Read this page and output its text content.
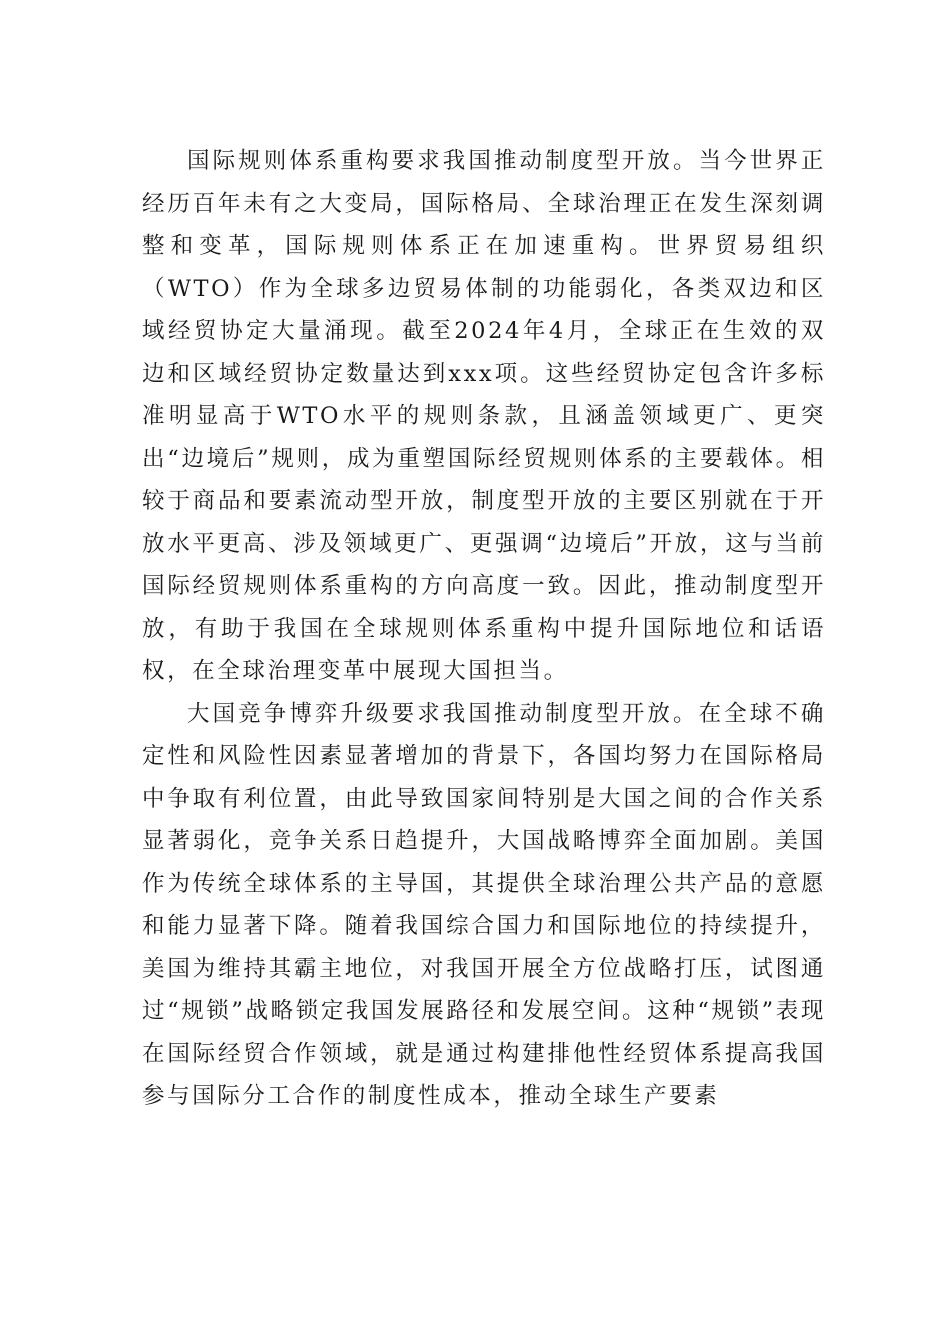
国际规则体系重构要求我国推动制度型开放。当今世界正经历百年未有之大变局，国际格局、全球治理正在发生深刻调整和变革，国际规则体系正在加速重构。世界贸易组织（WTO）作为全球多边贸易体制的功能弱化，各类双边和区域经贸协定大量涌现。截至2024年4月，全球正在生效的双边和区域经贸协定数量达到xxx项。这些经贸协定包含许多标准明显高于WTO水平的规则条款，且涵盖领域更广、更突出“边境后”规则，成为重塑国际经贸规则体系的主要载体。相较于商品和要素流动型开放，制度型开放的主要区别就在于开放水平更高、涉及领域更广、更强调“边境后”开放，这与当前国际经贸规则体系重构的方向高度一致。因此，推动制度型开放，有助于我国在全球规则体系重构中提升国际地位和话语权，在全球治理变革中展现大国担当。

大国竞争博弈升级要求我国推动制度型开放。在全球不确定性和风险性因素显著增加的背景下，各国均努力在国际格局中争取有利位置，由此导致国家间特别是大国之间的合作关系显著弱化，竞争关系日趋提升，大国战略博弈全面加剧。美国作为传统全球体系的主导国，其提供全球治理公共产品的意愿和能力显著下降。随着我国综合国力和国际地位的持续提升，美国为维持其霸主地位，对我国开展全方位战略打压，试图通过“规锁”战略锁定我国发展路径和发展空间。这种“规锁”表现在国际经贸合作领域，就是通过构建排他性经贸体系提高我国参与国际分工合作的制度性成本，推动全球生产要素
